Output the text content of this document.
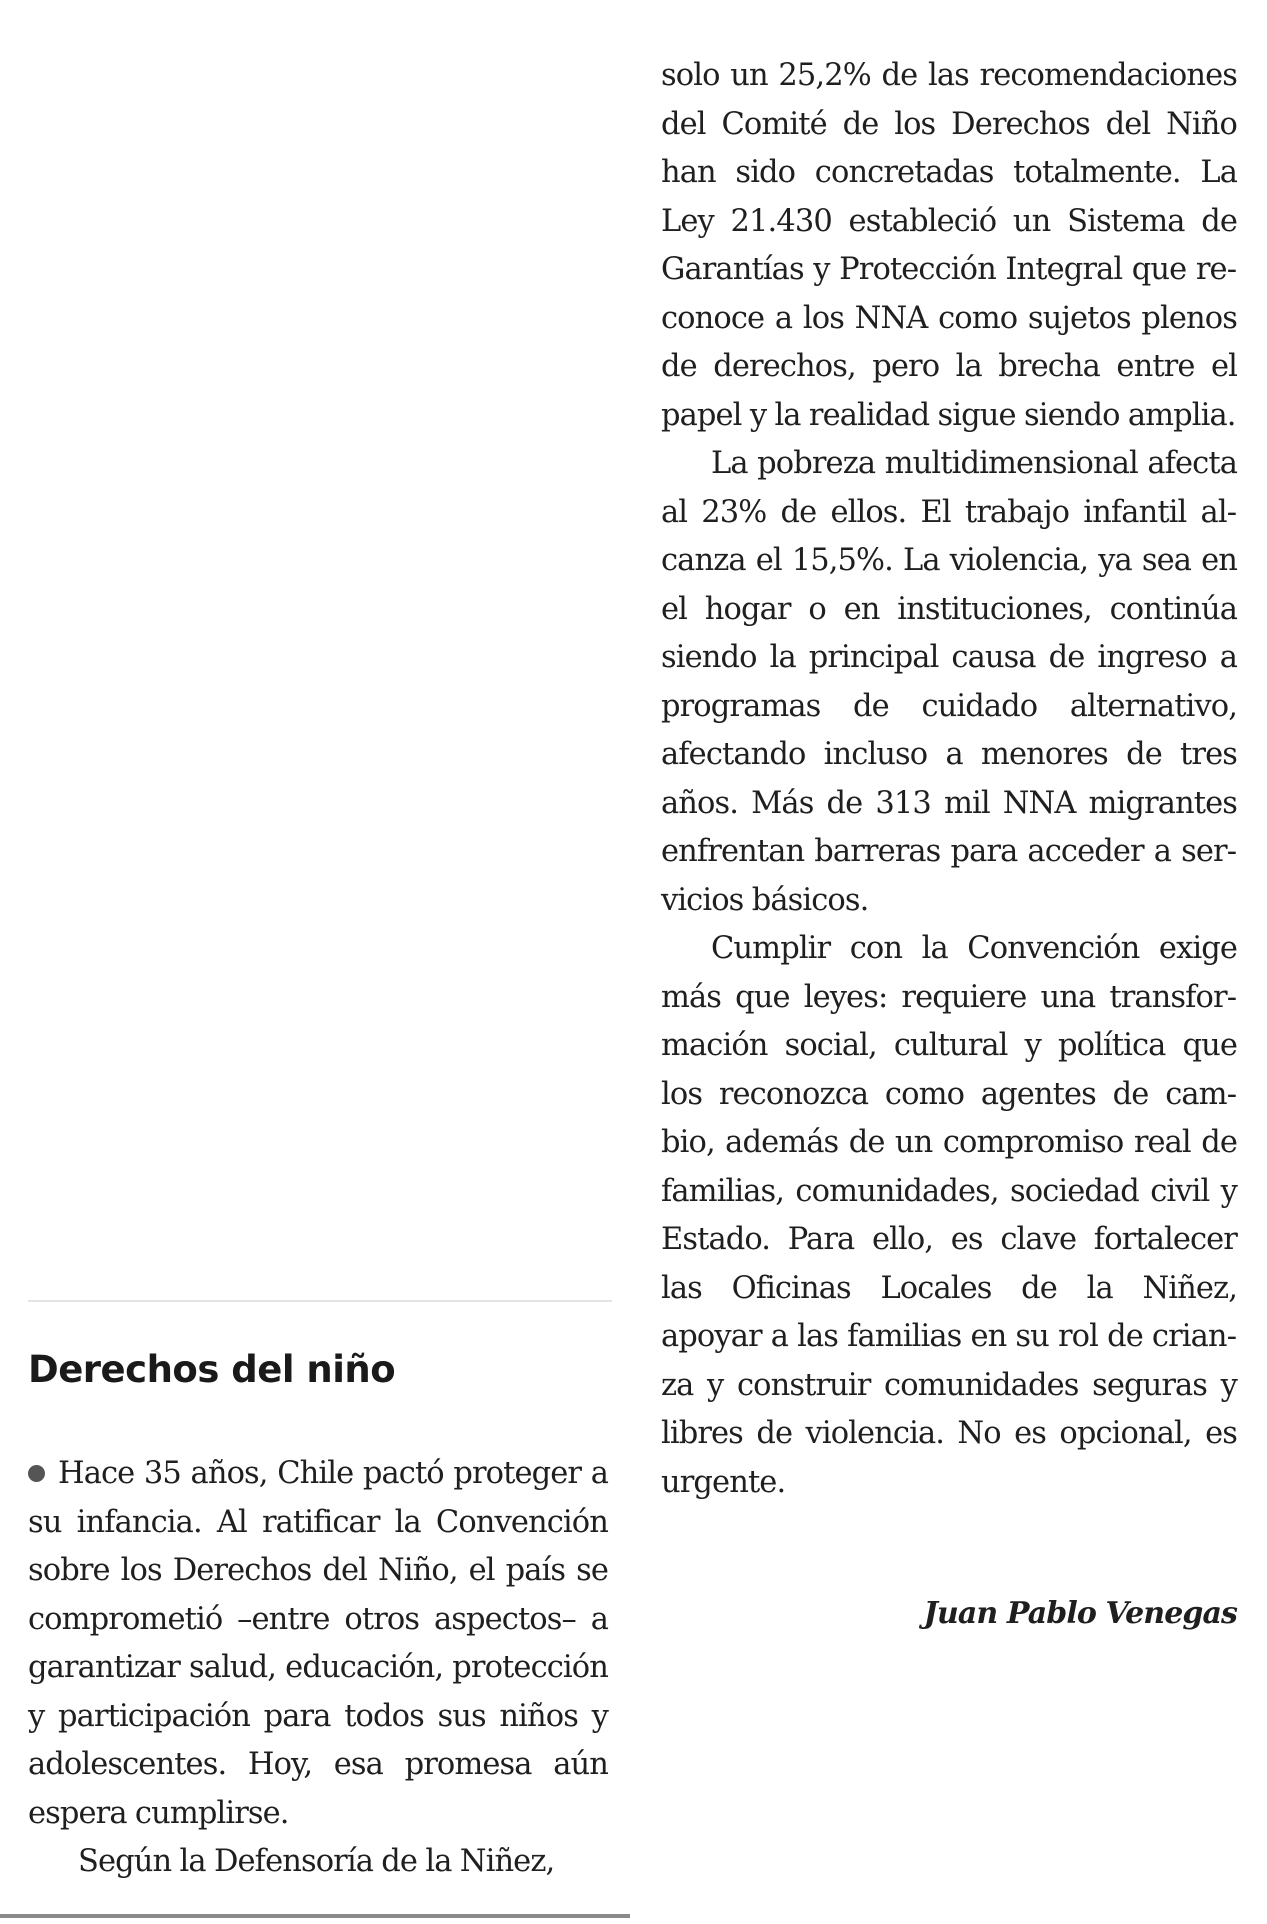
Derechos del niño

Hace 35 años, Chile pactó proteger a su infancia. Al ratificar la Convención sobre los Derechos del Niño, el país se comprometió –entre otros aspectos– a garantizar salud, educación, protección y participación para todos sus niños y adolescentes. Hoy, esa promesa aún espera cumplirse.

Según la Defensoría de la Niñez,

solo un 25,2% de las recomendaciones del Comité de los Derechos del Niño han sido concretadas totalmente. La Ley 21.430 estableció un Sistema de Garantías y Protección Integral que reconoce a los NNA como sujetos plenos de derechos, pero la brecha entre el papel y la realidad sigue siendo amplia.

La pobreza multidimensional afecta al 23% de ellos. El trabajo infantil alcanza el 15,5%. La violencia, ya sea en el hogar o en instituciones, continúa siendo la principal causa de ingreso a programas de cuidado alternativo, afectando incluso a menores de tres años. Más de 313 mil NNA migrantes enfrentan barreras para acceder a servicios básicos.

Cumplir con la Convención exige más que leyes: requiere una transformación social, cultural y política que los reconozca como agentes de cambio, además de un compromiso real de familias, comunidades, sociedad civil y Estado. Para ello, es clave fortalecer las Oficinas Locales de la Niñez, apoyar a las familias en su rol de crianza y construir comunidades seguras y libres de violencia. No es opcional, es urgente.

Juan Pablo Venegas
